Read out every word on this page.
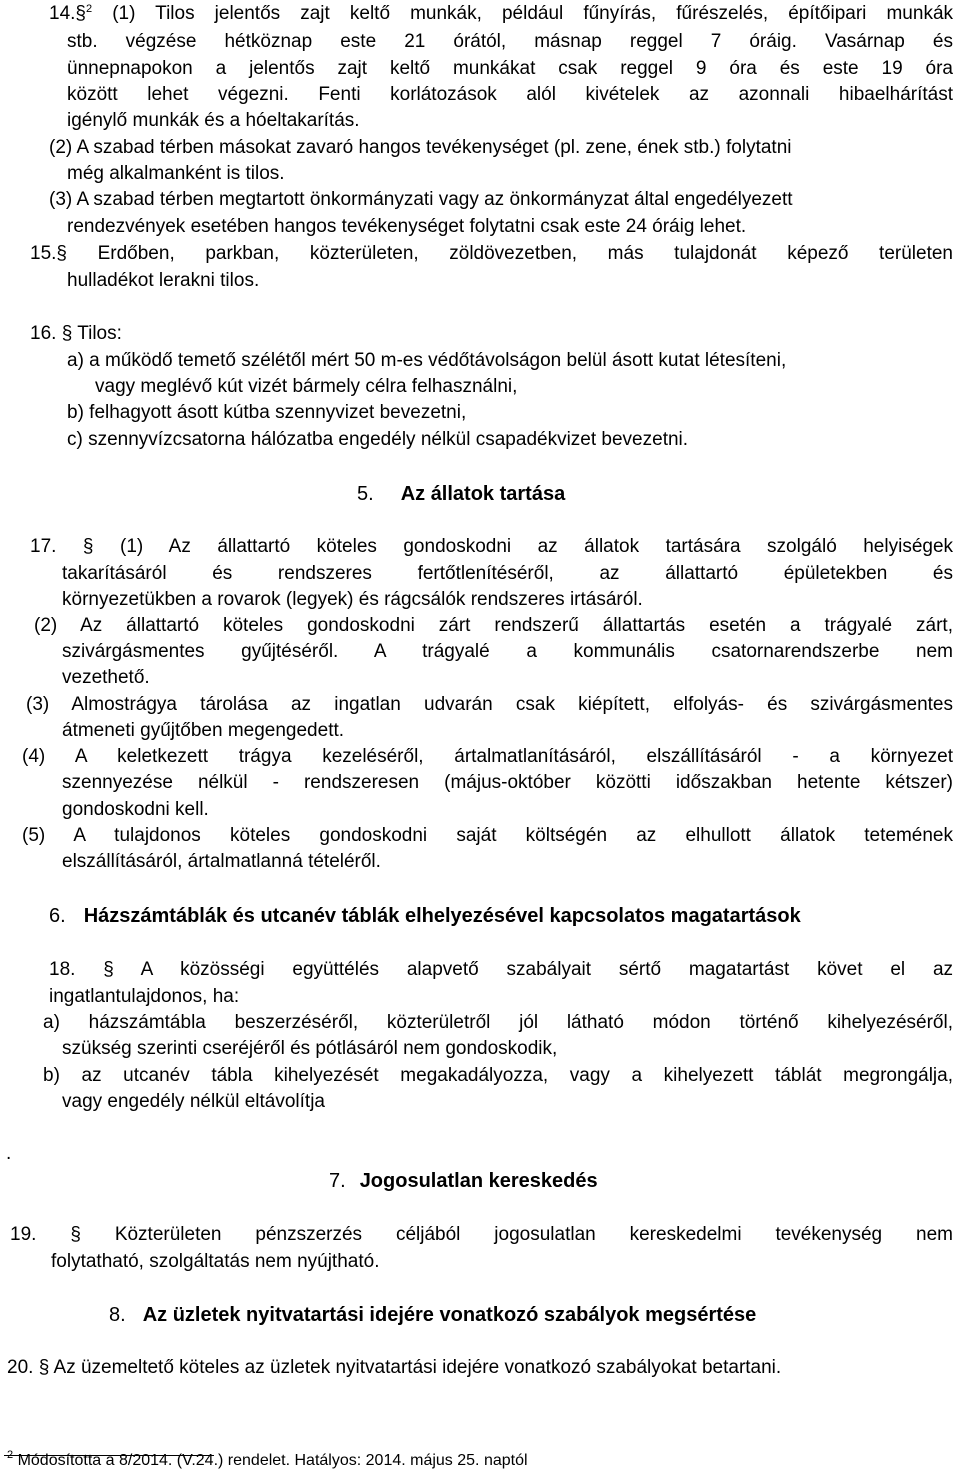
14.§$^2$ (1) Tilos jelentős zajt keltő munkák, például fűnyírás, fűrészelés, építőipari munkák
stb. végzése hétköznap este 21 órától, másnap reggel 7 óráig. Vasárnap és
ünnepnapokon a jelentős zajt keltő munkákat csak reggel 9 óra és este 19 óra
között lehet végezni. Fenti korlátozások alól kivételek az azonnali hibaelhárítást
igénylő munkák és a hóeltakarítás.
(2) A szabad térben másokat zavaró hangos tevékenységet (pl. zene, ének stb.) folytatni
még alkalmanként is tilos.
(3) A szabad térben megtartott önkormányzati vagy az önkormányzat által engedélyezett
rendezvények esetében hangos tevékenységet folytatni csak este 24 óráig lehet.
15.§ Erdőben, parkban, közterületen, zöldövezetben, más tulajdonát képező területen
hulladékot lerakni tilos.
16. § Tilos:
a) a működő temető szélétől mért 50 m-es védőtávolságon belül ásott kutat létesíteni,
vagy meglévő kút vizét bármely célra felhasználni,
b) felhagyott ásott kútba szennyvizet bevezetni,
c) szennyvízcsatorna hálózatba engedély nélkül csapadékvizet bevezetni.
5. Az állatok tartása
17. § (1) Az állattartó köteles gondoskodni az állatok tartására szolgáló helyiségek
takarításáról és rendszeres fertőtlenítéséről, az állattartó épületekben és
környezetükben a rovarok (legyek) és rágcsálók rendszeres irtásáról.
(2) Az állattartó köteles gondoskodni zárt rendszerű állattartás esetén a trágyalé zárt,
szivárgásmentes gyűjtéséről. A trágyalé a kommunális csatornarendszerbe nem
vezethető.
(3) Almostrágya tárolása az ingatlan udvarán csak kiépített, elfolyás- és szivárgásmentes
átmeneti gyűjtőben megengedett.
(4) A keletkezett trágya kezeléséről, ártalmatlanításáról, elszállításáról - a környezet
szennyezése nélkül - rendszeresen (május-október közötti időszakban hetente kétszer)
gondoskodni kell.
(5) A tulajdonos köteles gondoskodni saját költségén az elhullott állatok tetemének
elszállításáról, ártalmatlanná tételéről.
6. Házszámtáblák és utcanév táblák elhelyezésével kapcsolatos magatartások
18. § A közösségi együttélés alapvető szabályait sértő magatartást követ el az
ingatlantulajdonos, ha:
a) házszámtábla beszerzéséről, közterületről jól látható módon történő kihelyezéséről,
szükség szerinti cseréjéről és pótlásáról nem gondoskodik,
b) az utcanév tábla kihelyezését megakadályozza, vagy a kihelyezett táblát megrongálja,
vagy engedély nélkül eltávolítja
.
7. Jogosulatlan kereskedés
19. § Közterületen pénzszerzés céljából jogosulatlan kereskedelmi tevékenység nem
folytatható, szolgáltatás nem nyújtható.
8. Az üzletek nyitvatartási idejére vonatkozó szabályok megsértése
20. § Az üzemeltető köteles az üzletek nyitvatartási idejére vonatkozó szabályokat betartani.
$^2$ Módosította a 8/2014. (V.24.) rendelet. Hatályos: 2014. május 25. naptól
